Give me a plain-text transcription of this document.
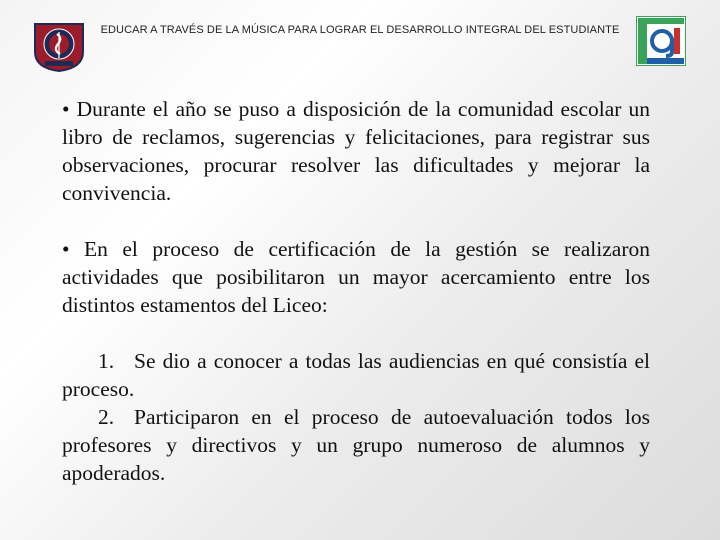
EDUCAR A TRAVÉS DE LA MÚSICA PARA LOGRAR EL DESARROLLO INTEGRAL DEL ESTUDIANTE

• Durante el año se puso a disposición de la comunidad escolar un libro de reclamos, sugerencias y felicitaciones, para registrar sus observaciones, procurar resolver las dificultades y mejorar la convivencia.

• En el proceso de certificación de la gestión se realizaron actividades que posibilitaron un mayor acercamiento entre los distintos estamentos del Liceo:

1. Se dio a conocer a todas las audiencias en qué consistía el proceso.

2. Participaron en el proceso de autoevaluación todos los profesores y directivos y un grupo numeroso de alumnos y apoderados.
